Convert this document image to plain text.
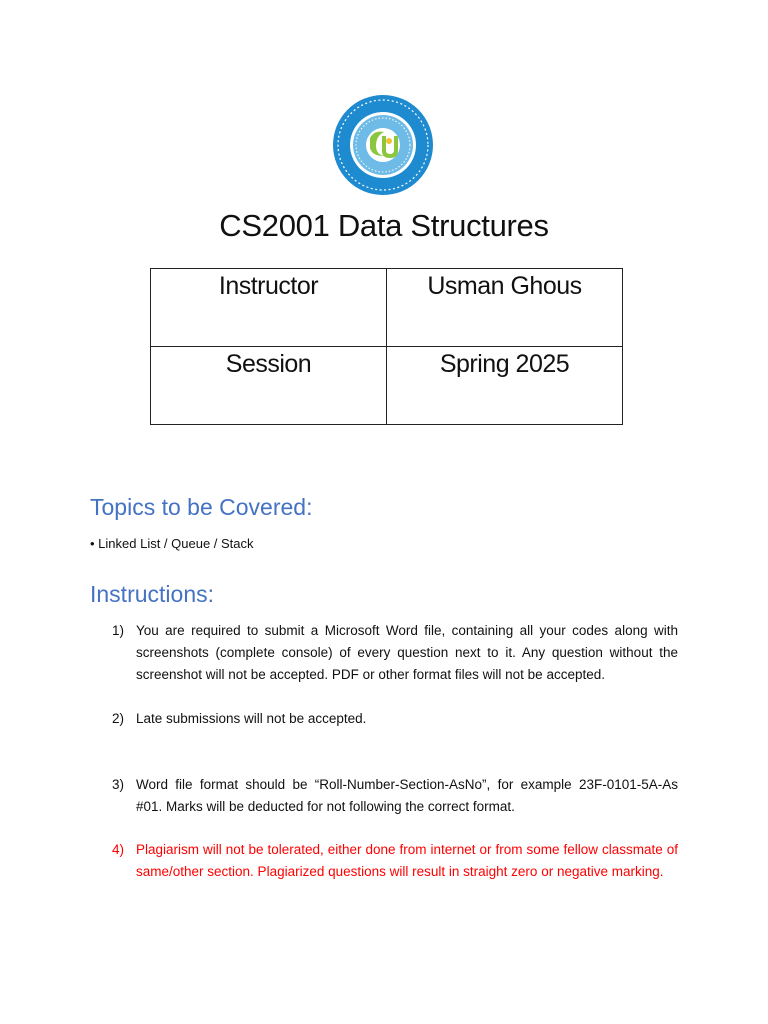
CS2001 Data Structures
Instructor	Usman Ghous
Session	Spring 2025
Topics to be Covered:
• Linked List / Queue / Stack
Instructions:
1) You are required to submit a Microsoft Word file, containing all your codes along with screenshots (complete console) of every question next to it. Any question without the screenshot will not be accepted. PDF or other format files will not be accepted.
2) Late submissions will not be accepted.
3) Word file format should be “Roll-Number-Section-AsNo”, for example 23F-0101-5A-As #01. Marks will be deducted for not following the correct format.
4) Plagiarism will not be tolerated, either done from internet or from some fellow classmate of same/other section. Plagiarized questions will result in straight zero or negative marking.
